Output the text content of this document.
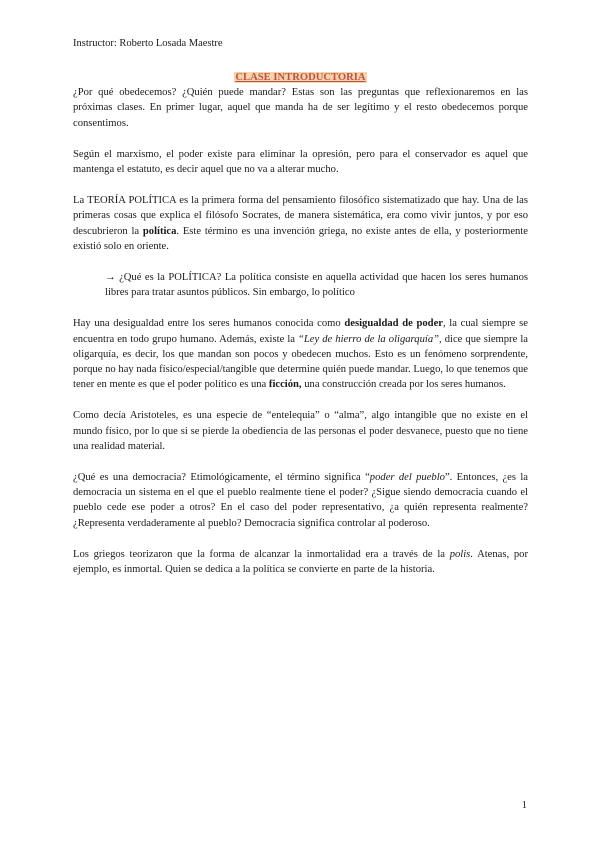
Instructor: Roberto Losada Maestre

CLASE INTRODUCTORIA

¿Por qué obedecemos? ¿Quién puede mandar? Estas son las preguntas que reflexionaremos en las próximas clases. En primer lugar, aquel que manda ha de ser legítimo y el resto obedecemos porque consentimos.

Según el marxismo, el poder existe para eliminar la opresión, pero para el conservador es aquel que mantenga el estatuto, es decir aquel que no va a alterar mucho.

La TEORÍA POLÍTICA es la primera forma del pensamiento filosófico sistematizado que hay. Una de las primeras cosas que explica el filósofo Socrates, de manera sistemática, era como vivir juntos, y por eso descubrieron la política. Este término es una invención griega, no existe antes de ella, y posteriormente existió solo en oriente.

→ ¿Qué es la POLÍTICA? La política consiste en aquella actividad que hacen los seres humanos libres para tratar asuntos públicos. Sin embargo, lo político

Hay una desigualdad entre los seres humanos conocida como desigualdad de poder, la cual siempre se encuentra en todo grupo humano. Además, existe la “Ley de hierro de la oligarquía”, dice que siempre la oligarquía, es decir, los que mandan son pocos y obedecen muchos. Esto es un fenómeno sorprendente, porque no hay nada físico/especial/tangible que determine quién puede mandar. Luego, lo que tenemos que tener en mente es que el poder político es una ficción, una construcción creada por los seres humanos.

Como decía Aristoteles, es una especie de “entelequia” o “alma”, algo intangible que no existe en el mundo físico, por lo que si se pierde la obediencia de las personas el poder desvanece, puesto que no tiene una realidad material.

¿Qué es una democracia? Etimológicamente, el término significa “poder del pueblo”. Entonces, ¿es la democracia un sistema en el que el pueblo realmente tiene el poder? ¿Sigue siendo democracia cuando el pueblo cede ese poder a otros? En el caso del poder representativo, ¿a quién representa realmente? ¿Representa verdaderamente al pueblo? Democracia significa controlar al poderoso.

Los griegos teorizaron que la forma de alcanzar la inmortalidad era a través de la polis. Atenas, por ejemplo, es inmortal. Quien se dedica a la política se convierte en parte de la historia.

1
